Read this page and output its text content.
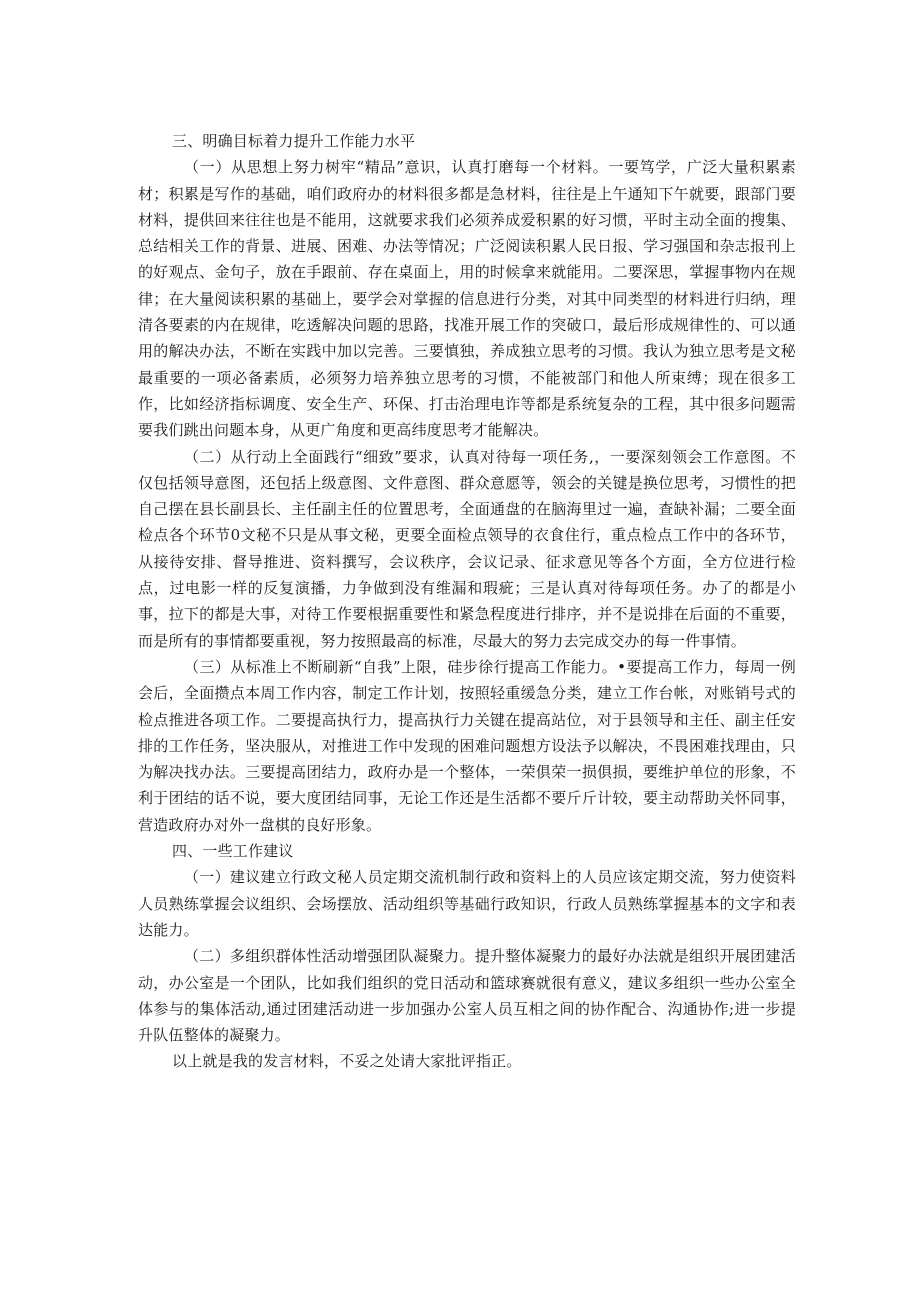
三、明确目标着力提升工作能力水平

（一）从思想上努力树牢“精品”意识，认真打磨每一个材料。一要笃学，广泛大量积累素材；积累是写作的基础，咱们政府办的材料很多都是急材料，往往是上午通知下午就要，跟部门要材料，提供回来往往也是不能用，这就要求我们必须养成爱积累的好习惯，平时主动全面的搜集、总结相关工作的背景、进展、困难、办法等情况；广泛阅读积累人民日报、学习强国和杂志报刊上的好观点、金句子，放在手跟前、存在桌面上，用的时候拿来就能用。二要深思，掌握事物内在规律；在大量阅读积累的基础上，要学会对掌握的信息进行分类，对其中同类型的材料进行归纳，理清各要素的内在规律，吃透解决问题的思路，找准开展工作的突破口，最后形成规律性的、可以通用的解决办法，不断在实践中加以完善。三要慎独，养成独立思考的习惯。我认为独立思考是文秘最重要的一项必备素质，必须努力培养独立思考的习惯，不能被部门和他人所束缚；现在很多工作，比如经济指标调度、安全生产、环保、打击治理电诈等都是系统复杂的工程，其中很多问题需要我们跳出问题本身，从更广角度和更高纬度思考才能解决。

（二）从行动上全面践行“细致”要求，认真对待每一项任务,，一要深刻领会工作意图。不仅包括领导意图，还包括上级意图、文件意图、群众意愿等，领会的关键是换位思考，习惯性的把自己摆在县长副县长、主任副主任的位置思考，全面通盘的在脑海里过一遍，查缺补漏；二要全面检点各个环节0文秘不只是从事文秘，更要全面检点领导的衣食住行，重点检点工作中的各环节，从接待安排、督导推进、资料撰写，会议秩序，会议记录、征求意见等各个方面，全方位进行检点，过电影一样的反复演播，力争做到没有维漏和瑕疵；三是认真对待每项任务。办了的都是小事，拉下的都是大事，对待工作要根据重要性和紧急程度进行排序，并不是说排在后面的不重要，而是所有的事情都要重视，努力按照最高的标准，尽最大的努力去完成交办的每一件事情。

（三）从标准上不断刷新“自我”上限，硅步徐行提高工作能力。•要提高工作力，每周一例会后，全面攒点本周工作内容，制定工作计划，按照轻重缓急分类，建立工作台帐，对账销号式的检点推进各项工作。二要提高执行力，提高执行力关键在提高站位，对于县领导和主任、副主任安排的工作任务，坚决服从，对推进工作中发现的困难问题想方设法予以解决，不畏困难找理由，只为解决找办法。三要提高团结力，政府办是一个整体，一荣俱荣一损俱损，要维护单位的形象，不利于团结的话不说，要大度团结同事，无论工作还是生活都不要斤斤计较，要主动帮助关怀同事，营造政府办对外一盘棋的良好形象。

四、一些工作建议

（一）建议建立行政文秘人员定期交流机制行政和资料上的人员应该定期交流，努力使资料人员熟练掌握会议组织、会场摆放、活动组织等基础行政知识，行政人员熟练掌握基本的文字和表达能力。

（二）多组织群体性活动增强团队凝聚力。提升整体凝聚力的最好办法就是组织开展团建活动，办公室是一个团队，比如我们组织的党日活动和篮球赛就很有意义，建议多组织一些办公室全体参与的集体活动,通过团建活动进一步加强办公室人员互相之间的协作配合、沟通协作;进一步提升队伍整体的凝聚力。

以上就是我的发言材料，不妥之处请大家批评指正。
